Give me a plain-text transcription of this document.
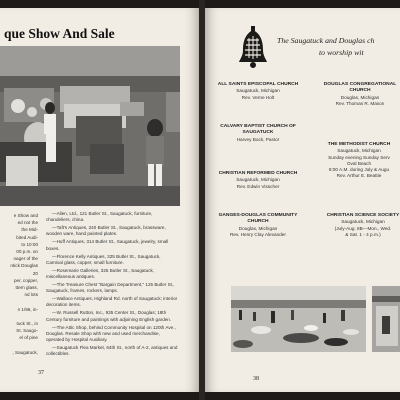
que Show And Sale
e Show and
ed not the
the Mid-
bited Audi-
to 10:00
00 p.m. on
nager of the
ntick Douglas
20
per, copper,
ttern glass,
nd lots

n 1/96, in-

tuck St., in
St. Saugo-
el of pine

, Saugatuck,

—Allen, Ltd., 121 Butler St., Saugatuck, furniture, chandeliers, china.

—Taft's Antiques, 240 Butler St., Saugatuck, brassware, wooden ware, hand painted plates.

—Huff Antiques, 314 Butler St., Saugatuck, jewelry, small boxes.

—Florence Kelly Antiques, 325 Butler St., Saugatuck, Carnival glass, copper, small furniture.

—Rosemarie Galleries, 325 Butler St., Saugatuck, miscellaneous antiques.

—The Treasure Chest "Bargain Department," 125 Butler St., Saugatuck, frames, rockers, lamps.

—Wallace Antiques, Highland Rd. north of Saugatuck; interior decoration items.

—W. Russell Rutton, Inc., 935 Center St., Douglas; 18th Century furniture and paintings with adjoining English garden.

—The Attic Shop, behind Community Hospital on 120th Ave., Douglas. Resale Shop with new and used merchandise, operated by Hospital Auxiliary.

—Saugatuck Flea Market, 64th St., north of A-2, antiques and collectibles.

37
The Saugatuck and Douglas ch
to worship wit
ALL SAINTS EPISCOPAL CHURCH
Saugatuck, Michigan
Rev. Verne Holt
DOUGLAS CONGREGATIONAL CHURCH
Douglas, Michigan
Rev. Thomas R. Mason
CALVARY BAPTIST CHURCH OF SAUGATUCK
Harvey Bock, Pastor
THE METHODIST CHURCH
Saugatuck, Michigan
Sunday evening Sunday Serv
Oval Beach
8:00 A.M. during July & Augu
Rev. Arthur E. Beattie
CHRISTIAN REFORMED CHURCH
Saugatuck, Michigan
Rev. Edwin Visscher
GANGES-DOUGLAS COMMUNITY CHURCH
Douglas, Michigan
Rev. Henry Clay Alexander
CHRISTIAN SCIENCE SOCIETY
Saugatuck, Michigan
(July-Aug. 8B—Mon., Wed.
& Sat. 1 - 4 p.m.)
38
